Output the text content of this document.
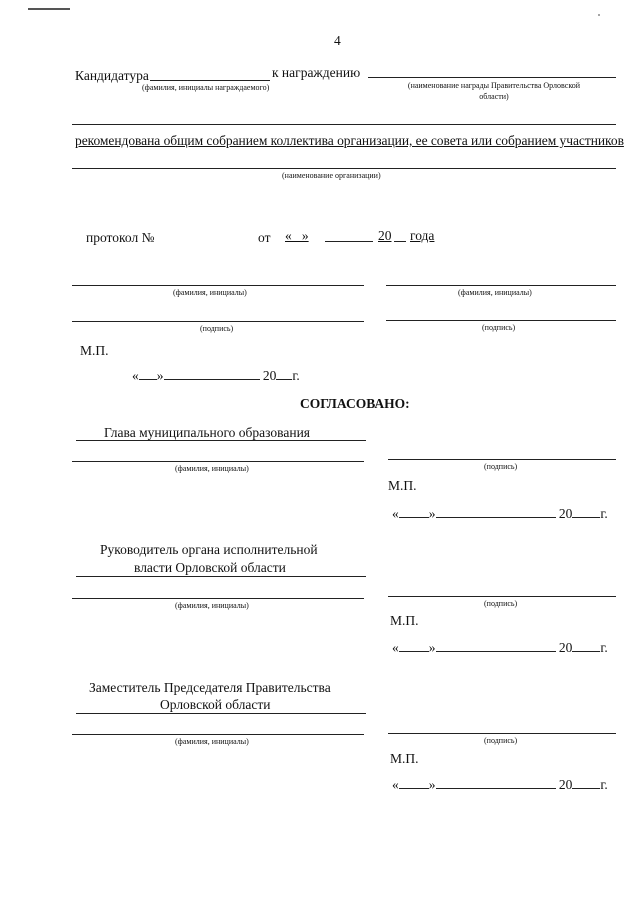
4
Кандидатура	к награждению
(фамилия, инициалы награждаемого)	(наименование награды Правительства Орловской
области)
рекомендована общим собранием коллектива организации, ее совета или собранием участников
(наименование организации)
протокол №	от «   »	20 года
(фамилия, инициалы)	(фамилия, инициалы)
(подпись)	(подпись)
М.П.
« »	20 г.
СОГЛАСОВАНО:
Глава муниципального образования
(фамилия, инициалы)	(подпись)
М.П.
« »	20 г.
Руководитель органа исполнительной
власти Орловской области
(фамилия, инициалы)	(подпись)
М.П.
« »	20 г.
Заместитель Председателя Правительства
Орловской области
(фамилия, инициалы)	(подпись)
М.П.
« »	20 г.
